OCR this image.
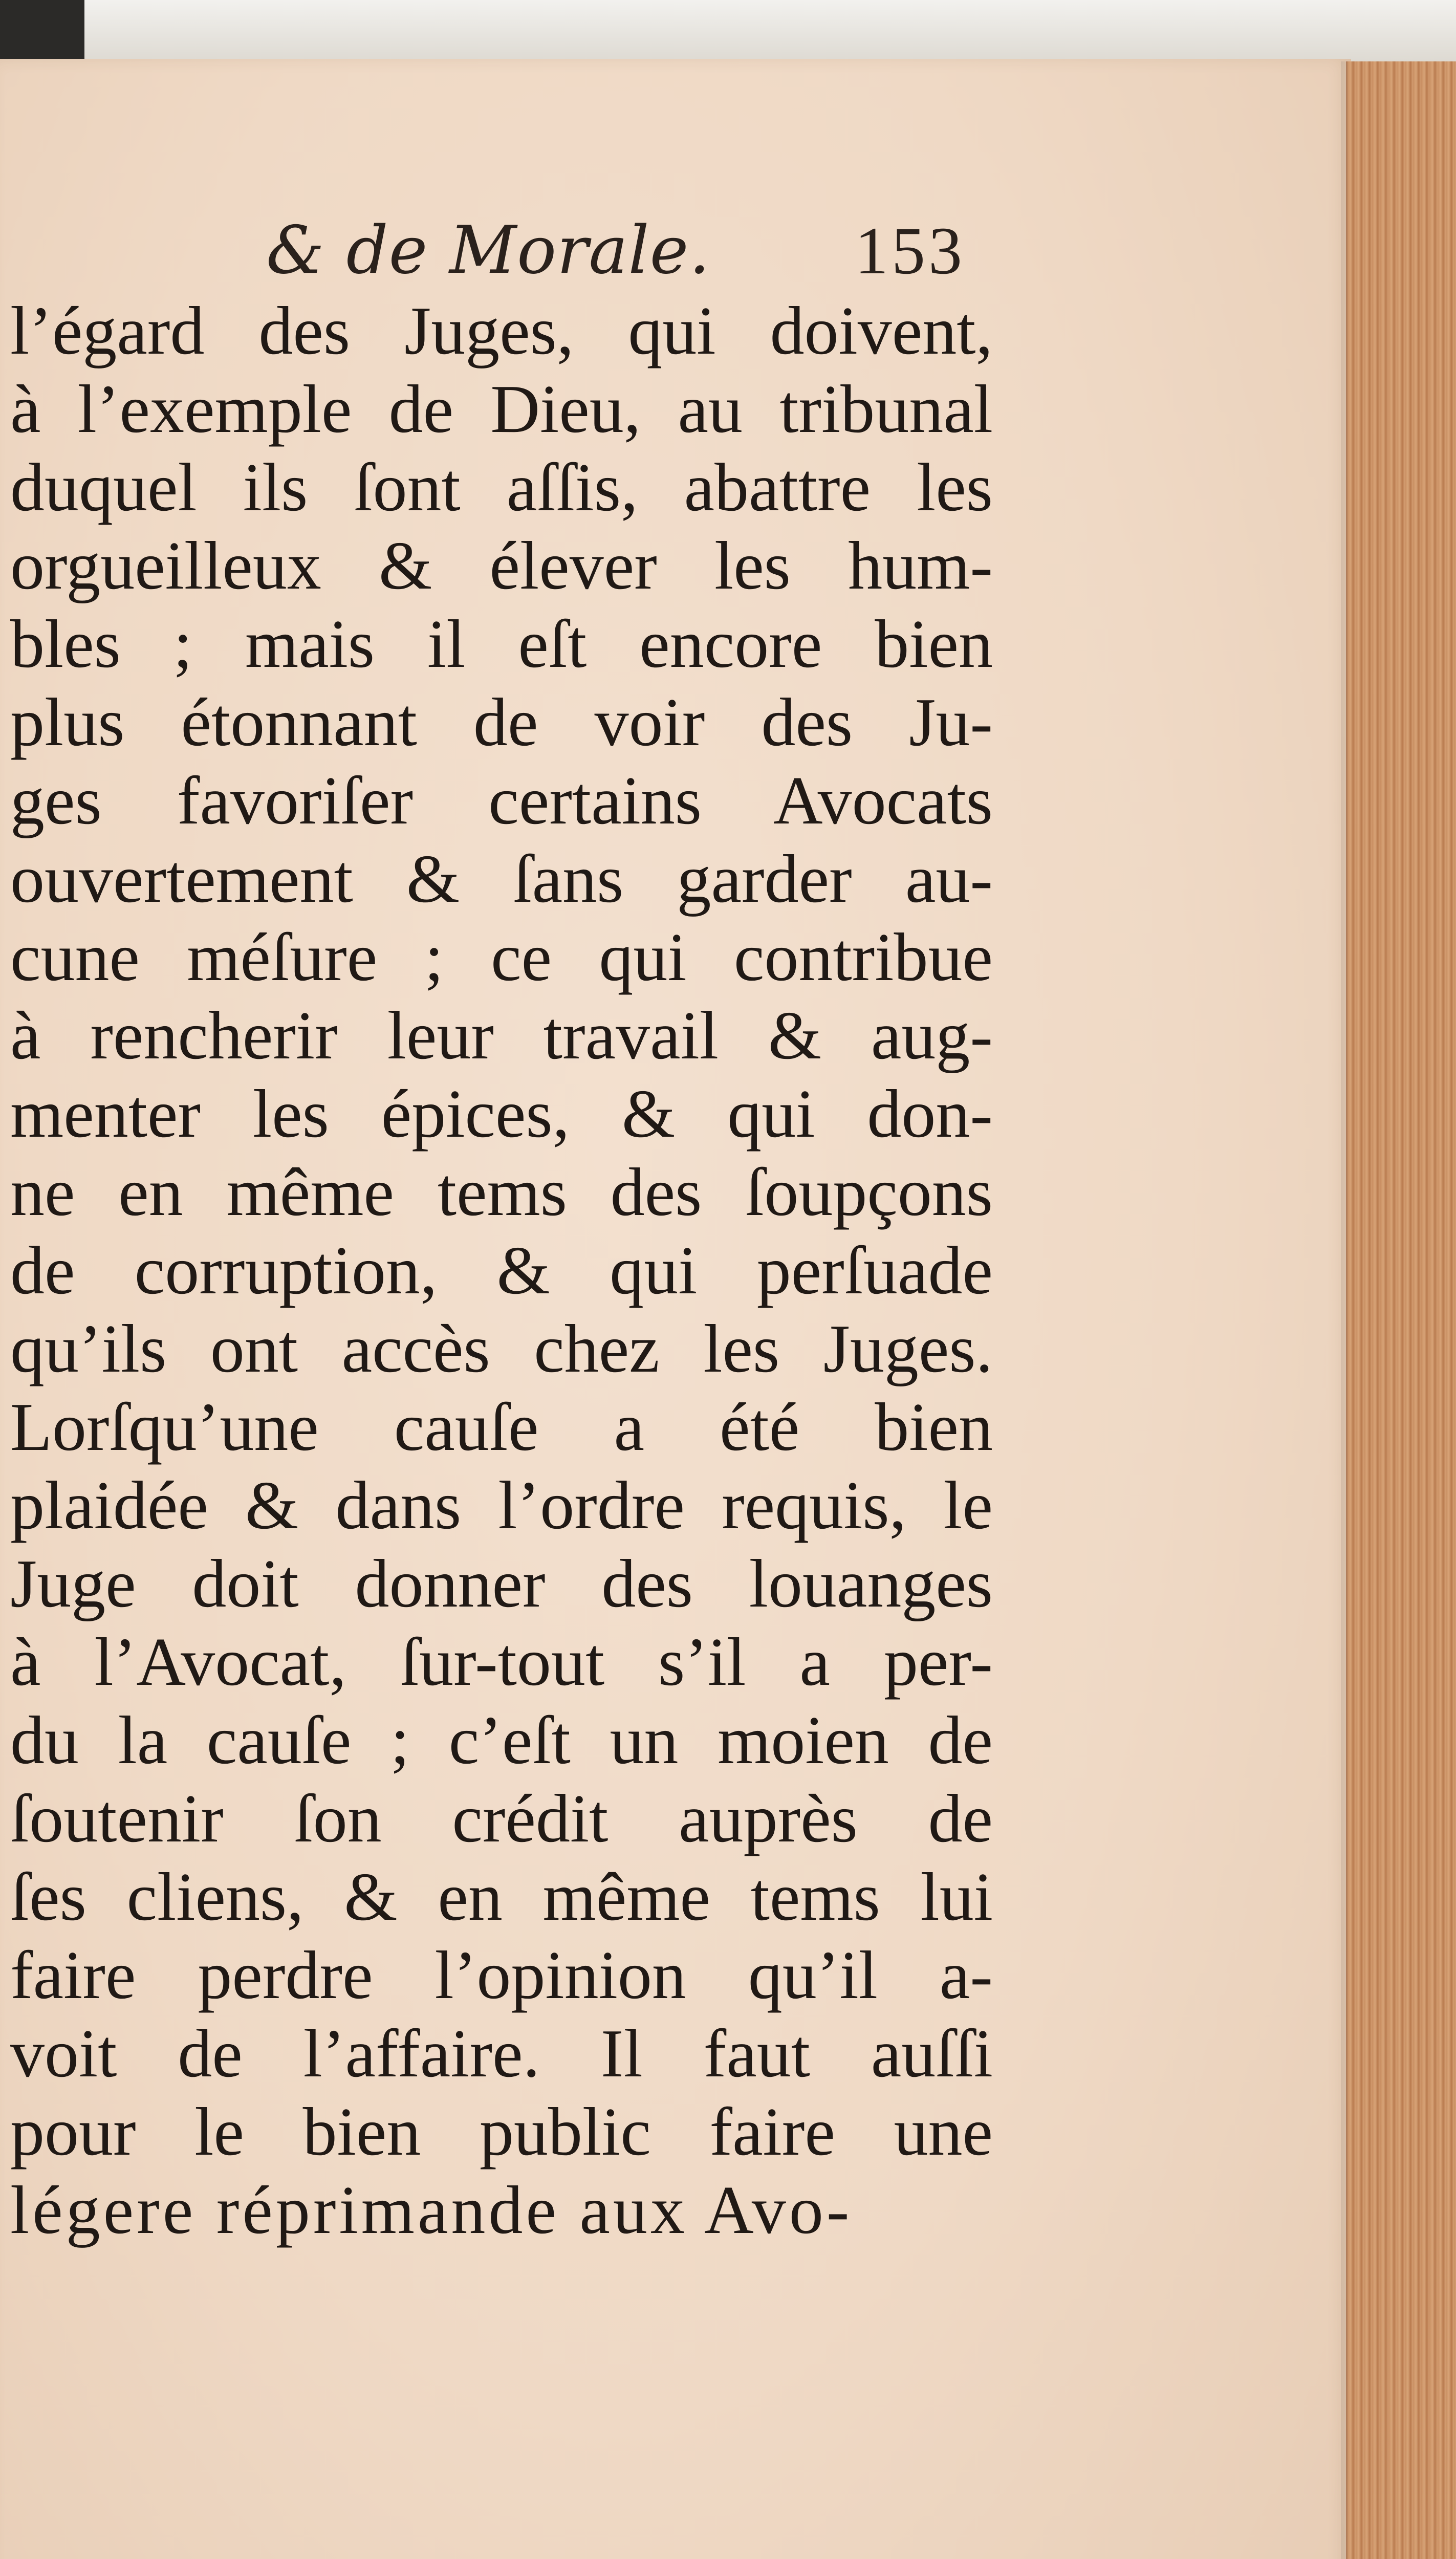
& de Morale. 153
l’égard des Juges, qui doivent,
à l’exemple de Dieu, au tribunal
duquel ils ſont aſſis, abattre les
orgueilleux & élever les hum-
bles ; mais il eſt encore bien
plus étonnant de voir des Ju-
ges favoriſer certains Avocats
ouvertement & ſans garder au-
cune méſure ; ce qui contribue
à rencherir leur travail & aug-
menter les épices, & qui don-
ne en même tems des ſoupçons
de corruption, & qui perſuade
qu’ils ont accès chez les Juges.
Lorſqu’une cauſe a été bien
plaidée & dans l’ordre requis, le
Juge doit donner des louanges
à l’Avocat, ſur-tout s’il a per-
du la cauſe ; c’eſt un moien de
ſoutenir ſon crédit auprès de
ſes cliens, & en même tems lui
faire perdre l’opinion qu’il a-
voit de l’affaire. Il faut auſſi
pour le bien public faire une
légere réprimande aux Avo-
